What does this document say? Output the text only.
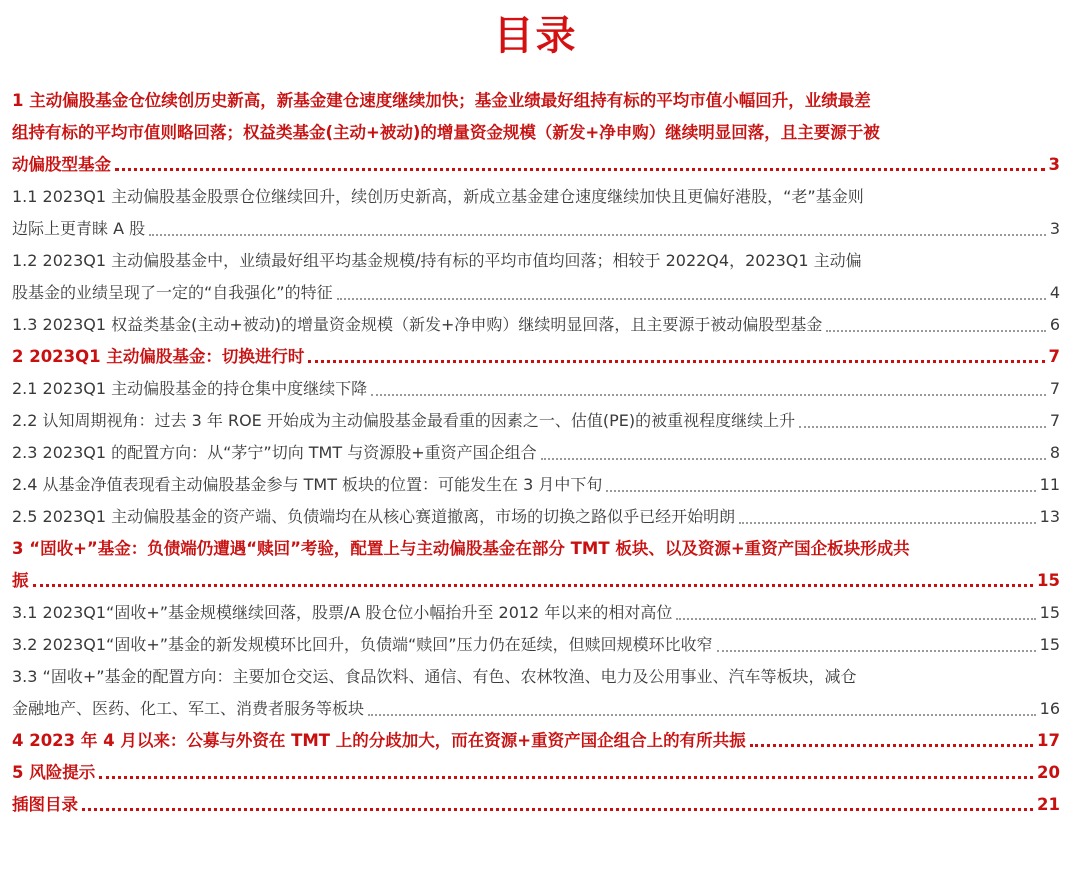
目录
1 主动偏股基金仓位续创历史新高，新基金建仓速度继续加快；基金业绩最好组持有标的平均市值小幅回升，业绩最差
组持有标的平均市值则略回落；权益类基金(主动+被动)的增量资金规模（新发+净申购）继续明显回落，且主要源于被
动偏股型基金	3
1.1 2023Q1 主动偏股基金股票仓位继续回升，续创历史新高，新成立基金建仓速度继续加快且更偏好港股，“老”基金则
边际上更青睐 A 股	3
1.2 2023Q1 主动偏股基金中，业绩最好组平均基金规模/持有标的平均市值均回落；相较于 2022Q4，2023Q1 主动偏
股基金的业绩呈现了一定的“自我强化”的特征	4
1.3 2023Q1 权益类基金(主动+被动)的增量资金规模（新发+净申购）继续明显回落，且主要源于被动偏股型基金	6
2 2023Q1 主动偏股基金：切换进行时	7
2.1 2023Q1 主动偏股基金的持仓集中度继续下降	7
2.2 认知周期视角：过去 3 年 ROE 开始成为主动偏股基金最看重的因素之一、估值(PE)的被重视程度继续上升	7
2.3 2023Q1 的配置方向：从“茅宁”切向 TMT 与资源股+重资产国企组合	8
2.4 从基金净值表现看主动偏股基金参与 TMT 板块的位置：可能发生在 3 月中下旬	11
2.5 2023Q1 主动偏股基金的资产端、负债端均在从核心赛道撤离，市场的切换之路似乎已经开始明朗	13
3 “固收+”基金：负债端仍遭遇“赎回”考验，配置上与主动偏股基金在部分 TMT 板块、以及资源+重资产国企板块形成共
振	15
3.1 2023Q1“固收+”基金规模继续回落，股票/A 股仓位小幅抬升至 2012 年以来的相对高位	15
3.2 2023Q1“固收+”基金的新发规模环比回升，负债端“赎回”压力仍在延续，但赎回规模环比收窄	15
3.3 “固收+”基金的配置方向：主要加仓交运、食品饮料、通信、有色、农林牧渔、电力及公用事业、汽车等板块，减仓
金融地产、医药、化工、军工、消费者服务等板块	16
4 2023 年 4 月以来：公募与外资在 TMT 上的分歧加大，而在资源+重资产国企组合上的有所共振	17
5 风险提示	20
插图目录	21
